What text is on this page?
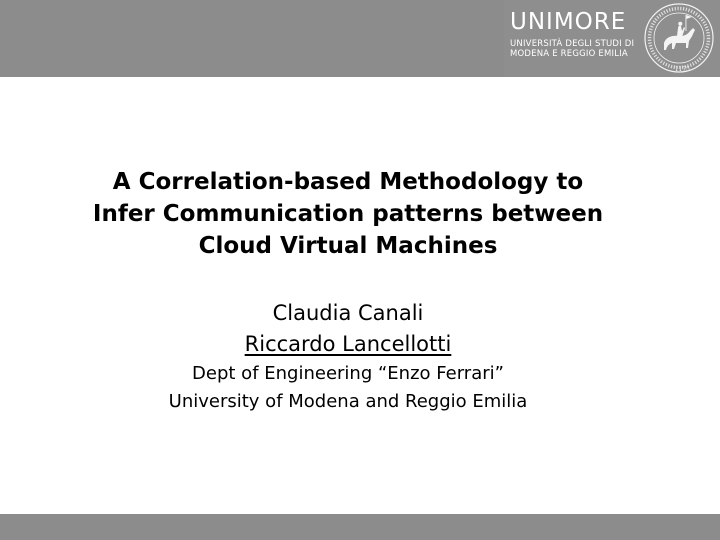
UNIMORE
UNIVERSITÀ DEGLI STUDI DI
MODENA E REGGIO EMILIA
1175
A Correlation-based Methodology to
Infer Communication patterns between
Cloud Virtual Machines
Claudia Canali
Riccardo Lancellotti
Dept of Engineering “Enzo Ferrari”
University of Modena and Reggio Emilia
